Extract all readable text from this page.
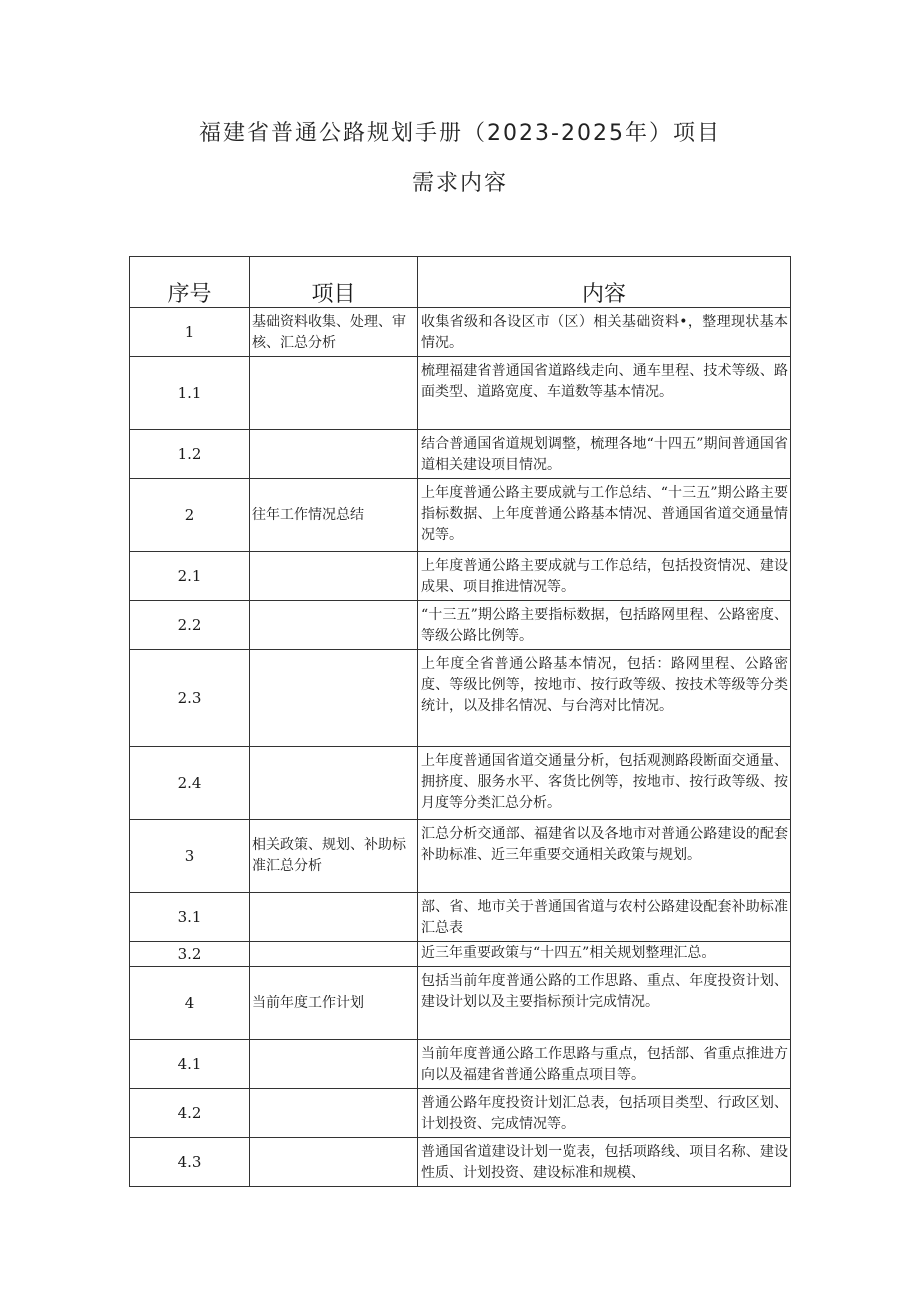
福建省普通公路规划手册（2023-2025年）项目
需求内容
序号	项目	内容
1	基础资料收集、处理、审核、汇总分析	收集省级和各设区市（区）相关基础资料•，整理现状基本情况。
1.1		梳理福建省普通国省道路线走向、通车里程、技术等级、路面类型、道路宽度、车道数等基本情况。
1.2		结合普通国省道规划调整，梳理各地“十四五”期间普通国省道相关建设项目情况。
2	往年工作情况总结	上年度普通公路主要成就与工作总结、“十三五”期公路主要指标数据、上年度普通公路基本情况、普通国省道交通量情况等。
2.1		上年度普通公路主要成就与工作总结，包括投资情况、建设成果、项目推进情况等。
2.2		“十三五”期公路主要指标数据，包括路网里程、公路密度、等级公路比例等。
2.3		上年度全省普通公路基本情况，包括：路网里程、公路密度、等级比例等，按地市、按行政等级、按技术等级等分类统计，以及排名情况、与台湾对比情况。
2.4		上年度普通国省道交通量分析，包括观测路段断面交通量、拥挤度、服务水平、客货比例等，按地市、按行政等级、按月度等分类汇总分析。
3	相关政策、规划、补助标准汇总分析	汇总分析交通部、福建省以及各地市对普通公路建设的配套补助标准、近三年重要交通相关政策与规划。
3.1		部、省、地市关于普通国省道与农村公路建设配套补助标准汇总表
3.2		近三年重要政策与“十四五”相关规划整理汇总。
4	当前年度工作计划	包括当前年度普通公路的工作思路、重点、年度投资计划、建设计划以及主要指标预计完成情况。
4.1		当前年度普通公路工作思路与重点，包括部、省重点推进方向以及福建省普通公路重点项目等。
4.2		普通公路年度投资计划汇总表，包括项目类型、行政区划、计划投资、完成情况等。
4.3		普通国省道建设计划一览表，包括项路线、项目名称、建设性质、计划投资、建设标准和规模、
